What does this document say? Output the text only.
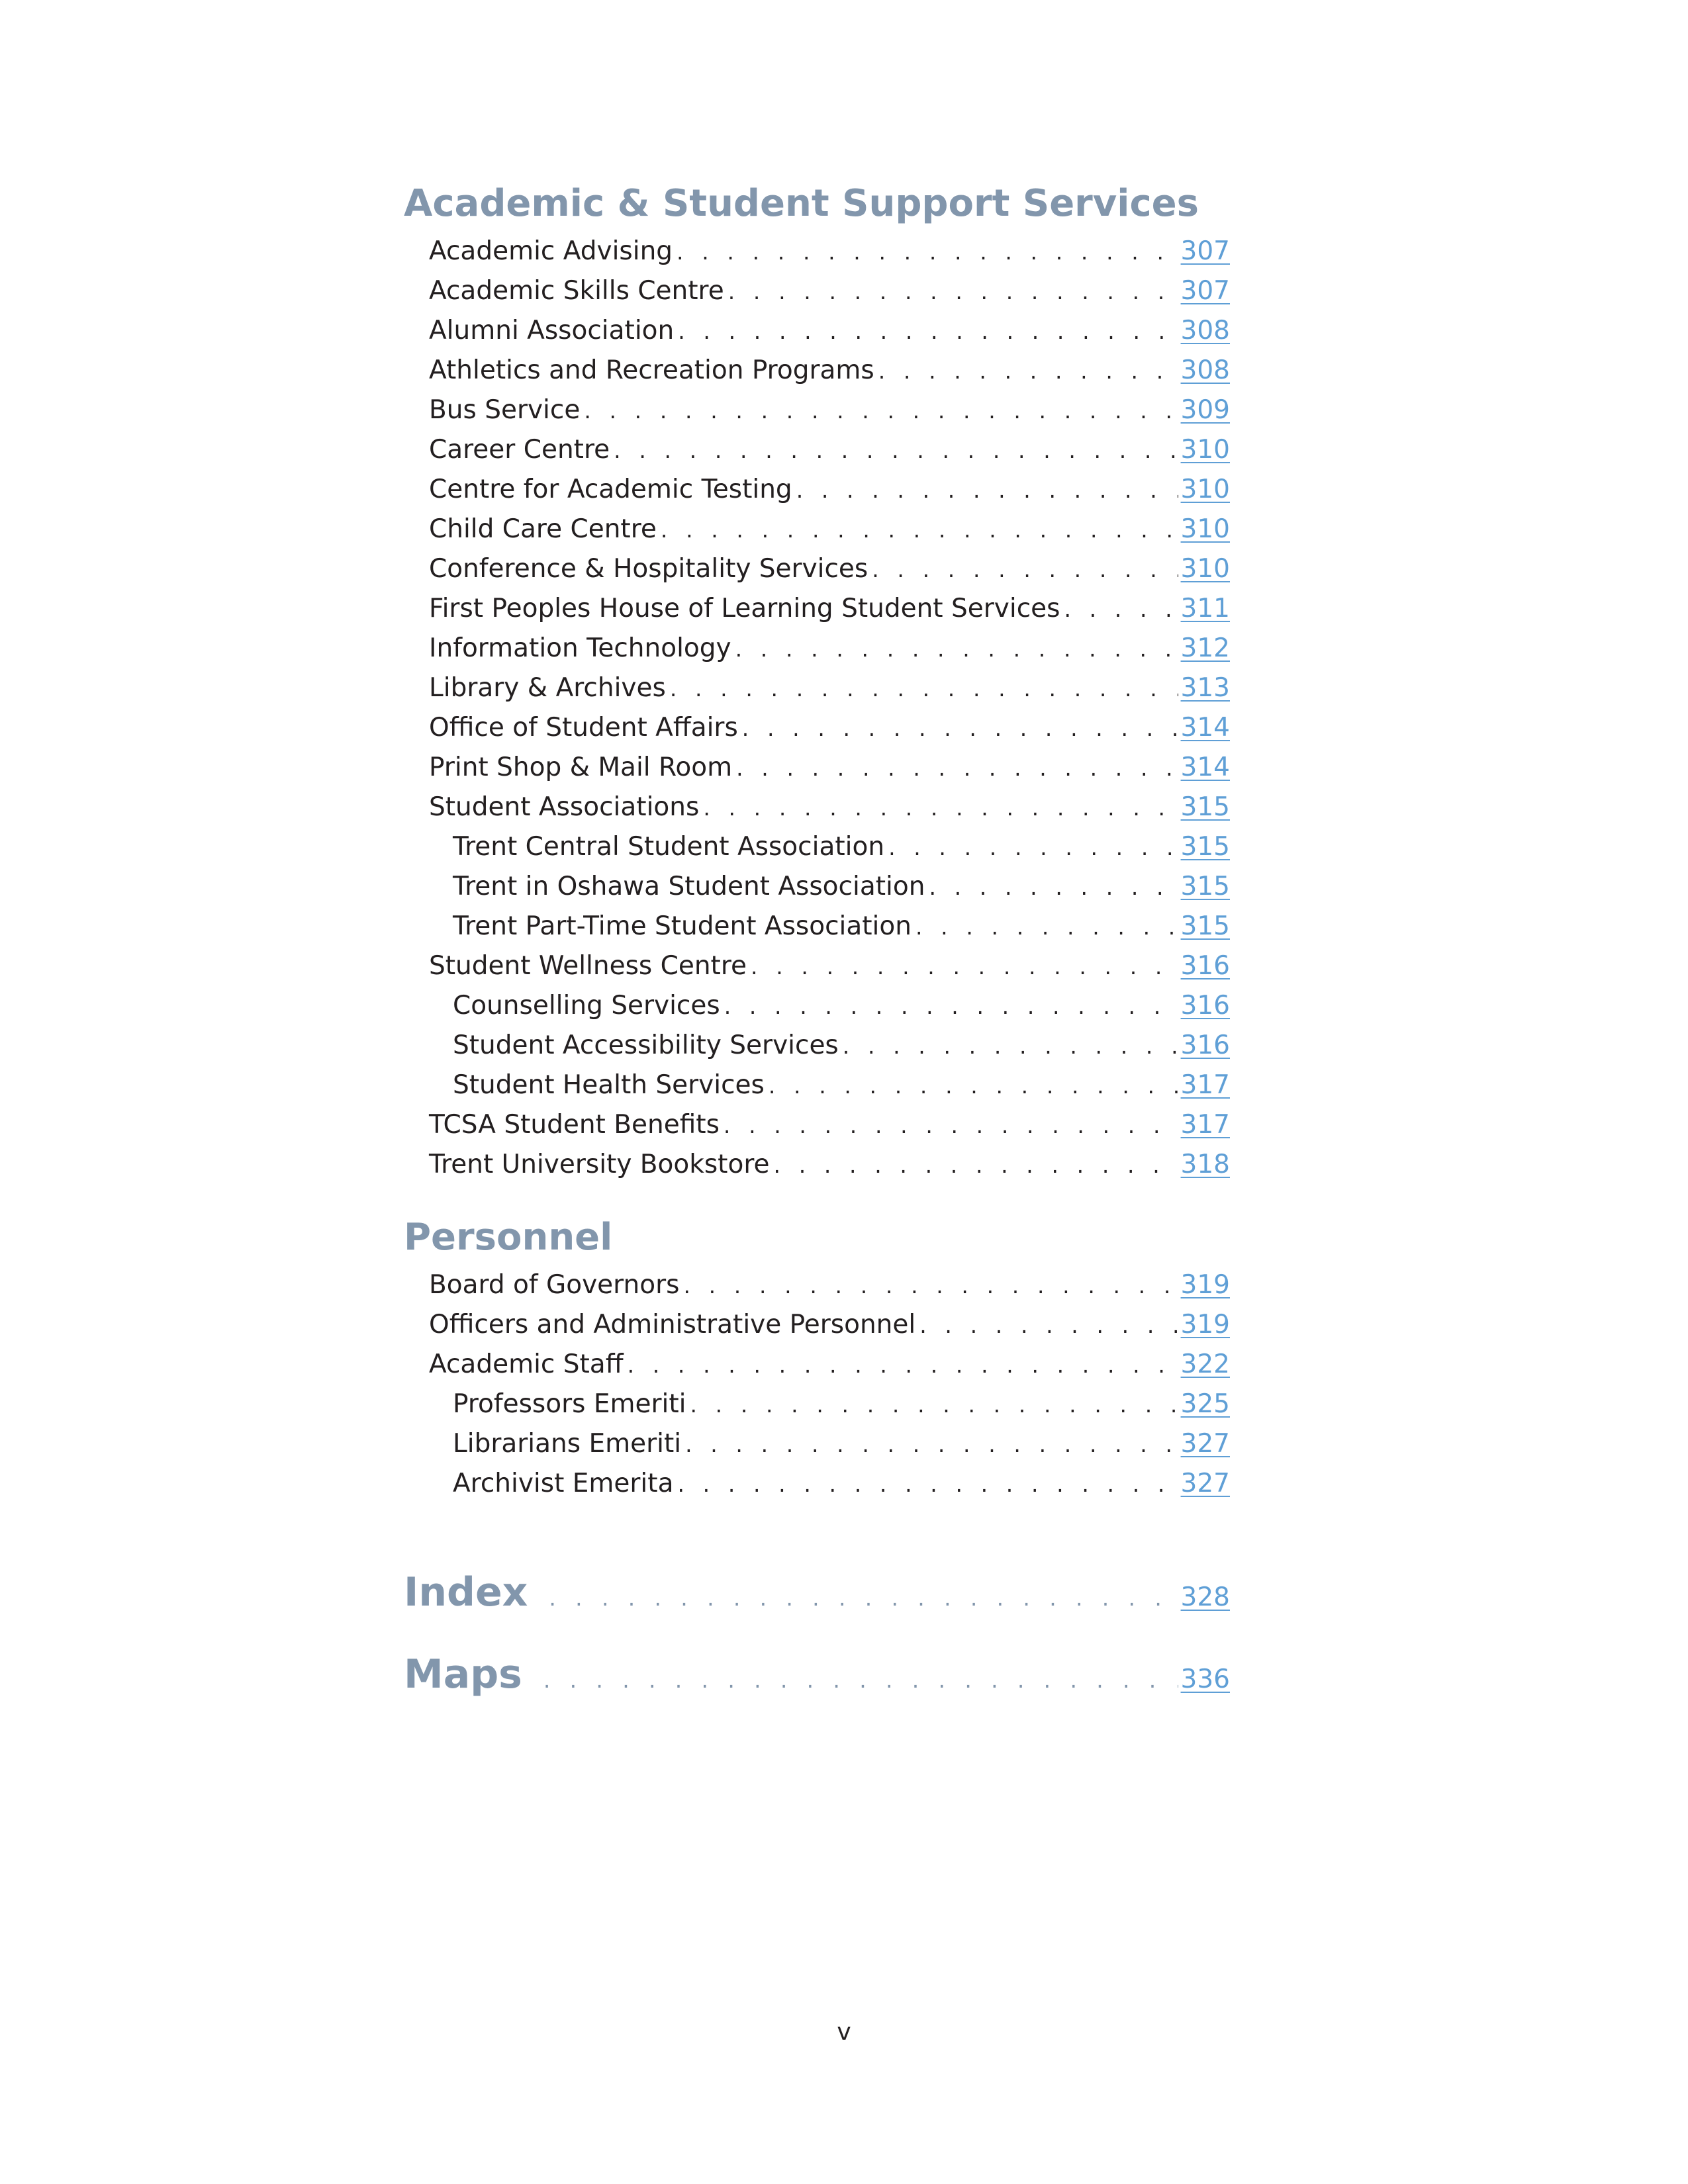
Academic & Student Support Services
Academic Advising . . .	307
Academic Skills Centre . . .	307
Alumni Association . . .	308
Athletics and Recreation Programs . . .	308
Bus Service . . .	309
Career Centre . . .	310
Centre for Academic Testing . . .	310
Child Care Centre . . .	310
Conference & Hospitality Services . . .	310
First Peoples House of Learning Student Services . . .	311
Information Technology . . .	312
Library & Archives . . .	313
Office of Student Affairs . . .	314
Print Shop & Mail Room . . .	314
Student Associations . . .	315
Trent Central Student Association . . .	315
Trent in Oshawa Student Association . . .	315
Trent Part-Time Student Association . . .	315
Student Wellness Centre . . .	316
Counselling Services . . .	316
Student Accessibility Services . . .	316
Student Health Services . . .	317
TCSA Student Benefits . . .	317
Trent University Bookstore . . .	318
Personnel
Board of Governors . . .	319
Officers and Administrative Personnel . . .	319
Academic Staff . . .	322
Professors Emeriti . . .	325
Librarians Emeriti . . .	327
Archivist Emerita . . .	327
Index . . .	328
Maps . . .	336
v
